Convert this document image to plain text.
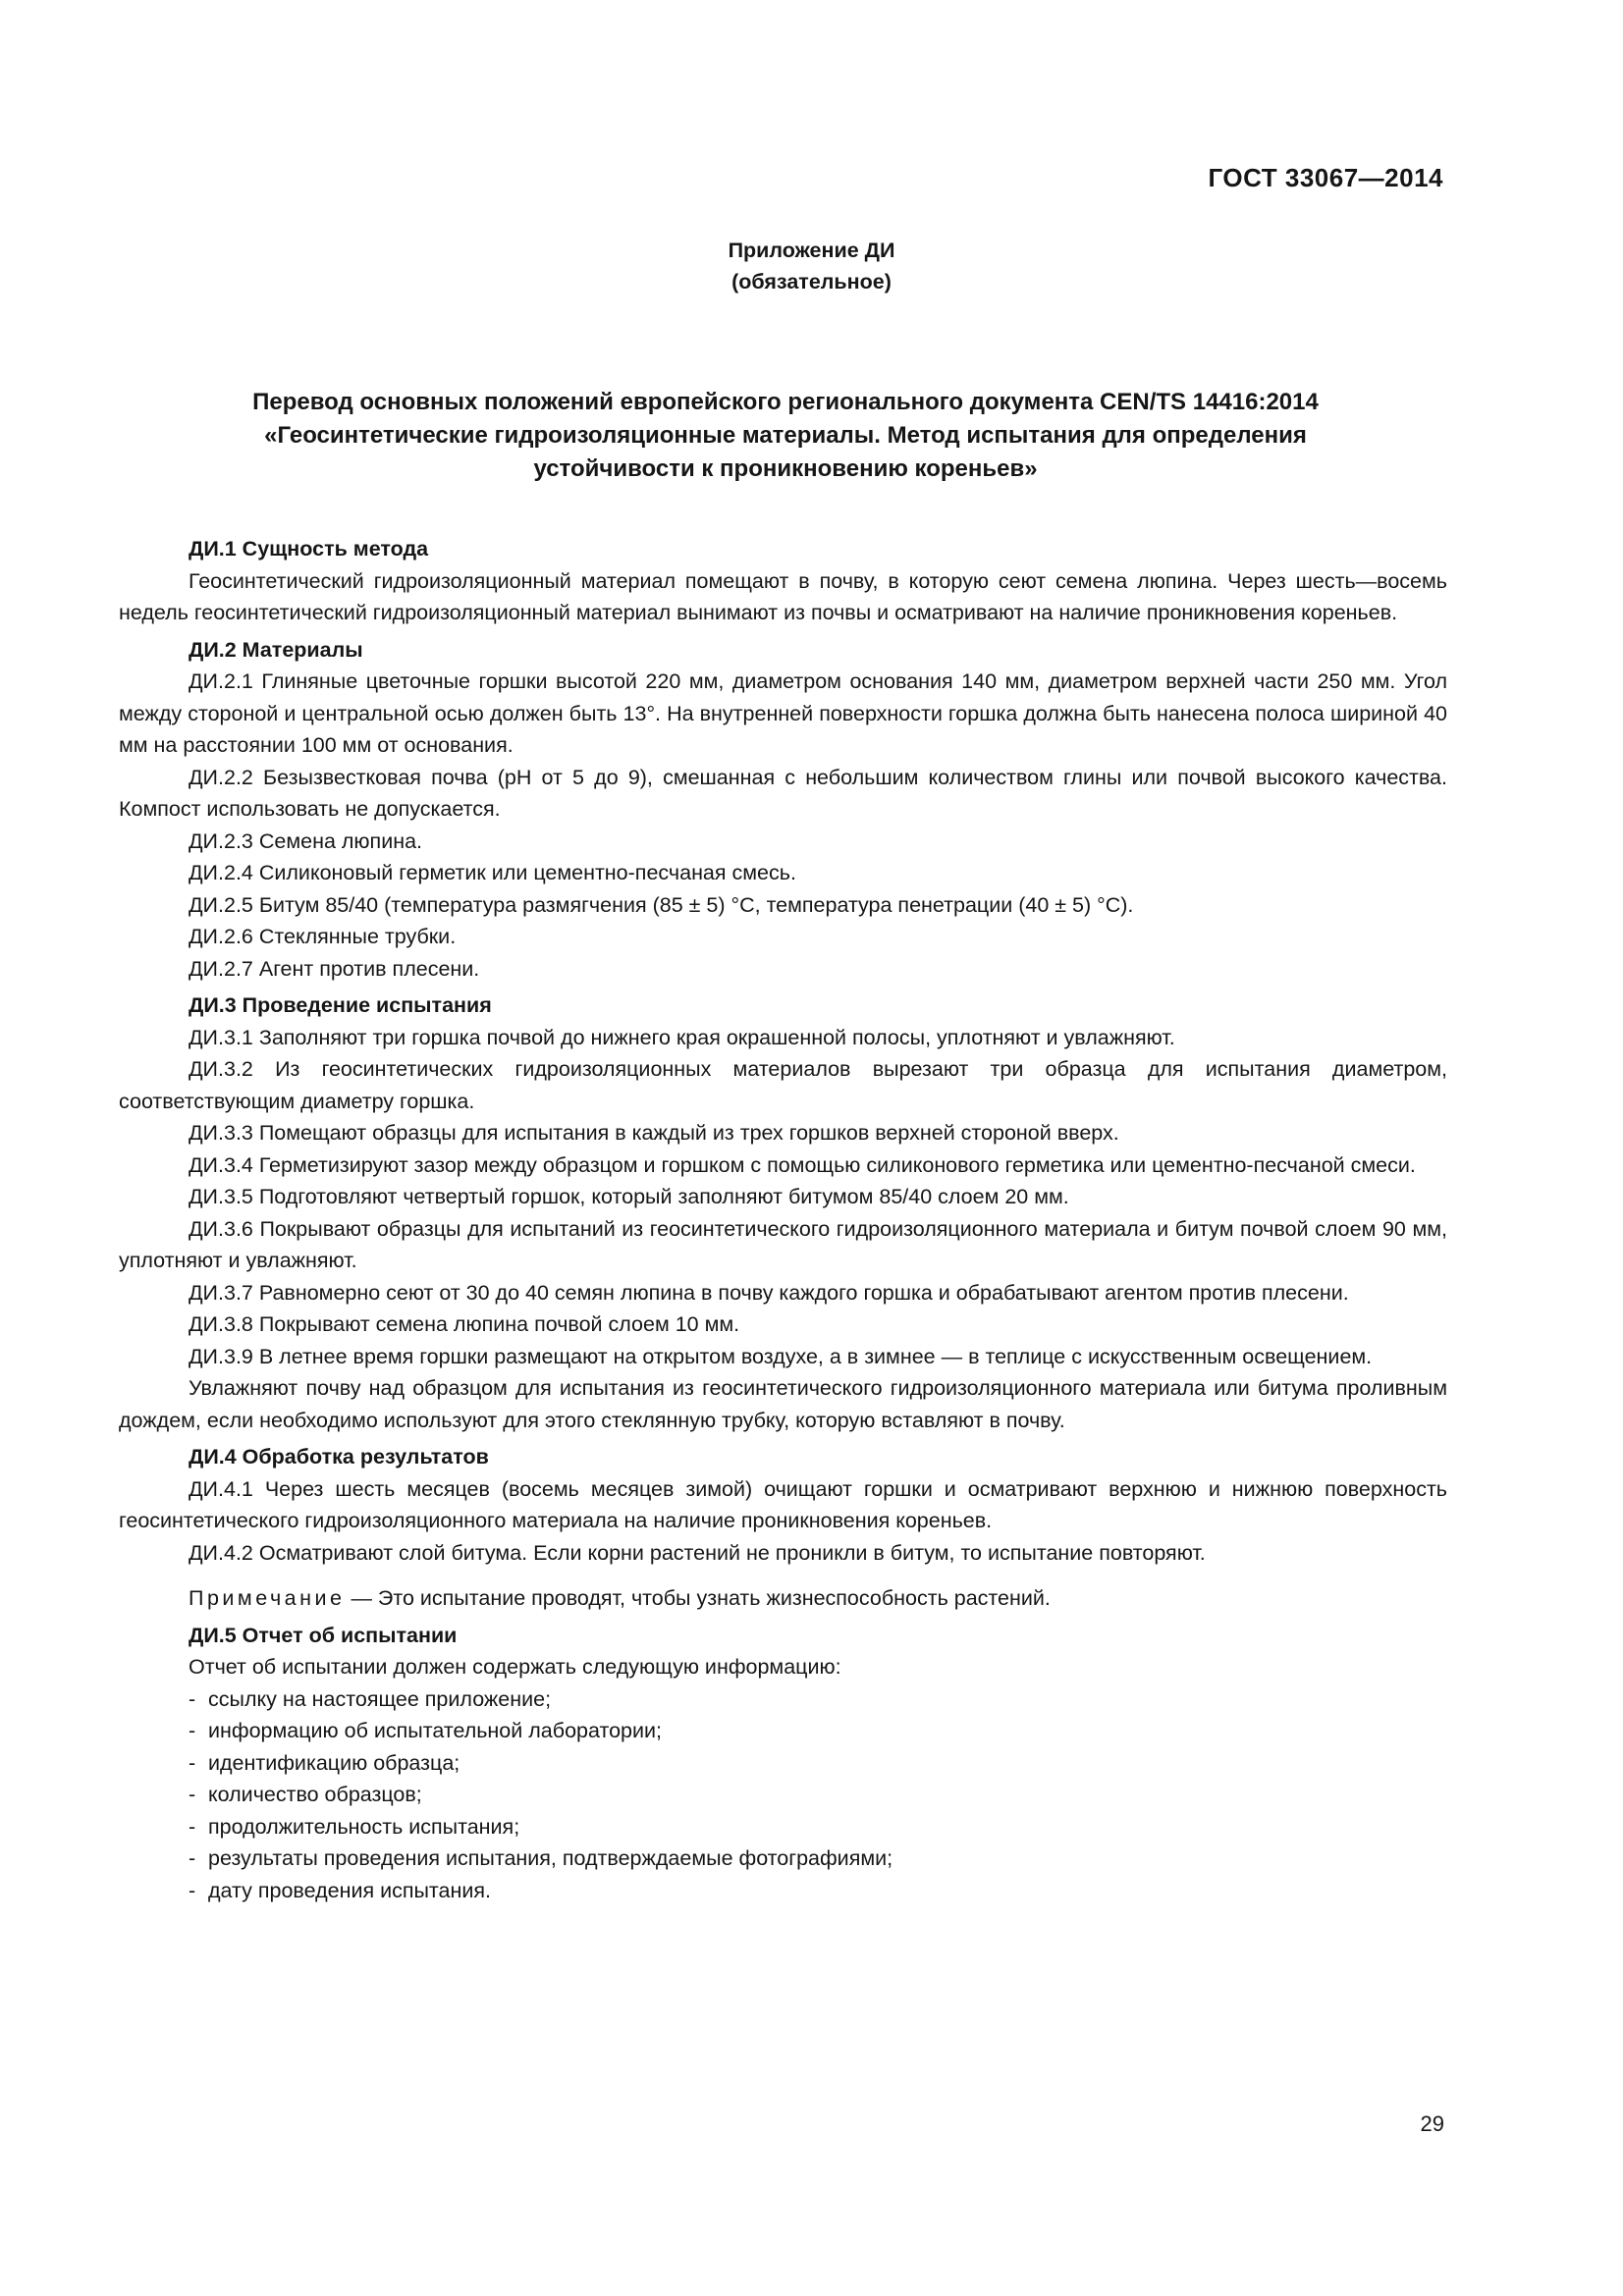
ГОСТ 33067—2014

Приложение ДИ
(обязательное)
Перевод основных положений европейского регионального документа CEN/TS 14416:2014
«Геосинтетические гидроизоляционные материалы. Метод испытания для определения
устойчивости к проникновению кореньев»

ДИ.1 Сущность метода

Геосинтетический гидроизоляционный материал помещают в почву, в которую сеют семена люпина. Через шесть—восемь недель геосинтетический гидроизоляционный материал вынимают из почвы и осматривают на наличие проникновения кореньев.

ДИ.2 Материалы

ДИ.2.1 Глиняные цветочные горшки высотой 220 мм, диаметром основания 140 мм, диаметром верхней части 250 мм. Угол между стороной и центральной осью должен быть 13°. На внутренней поверхности горшка должна быть нанесена полоса шириной 40 мм на расстоянии 100 мм от основания.

ДИ.2.2 Безызвестковая почва (рН от 5 до 9), смешанная с небольшим количеством глины или почвой высокого качества. Компост использовать не допускается.

ДИ.2.3 Семена люпина.

ДИ.2.4 Силиконовый герметик или цементно-песчаная смесь.

ДИ.2.5 Битум 85/40 (температура размягчения (85 ± 5) °С, температура пенетрации (40 ± 5) °С).

ДИ.2.6 Стеклянные трубки.

ДИ.2.7 Агент против плесени.

ДИ.3 Проведение испытания

ДИ.3.1 Заполняют три горшка почвой до нижнего края окрашенной полосы, уплотняют и увлажняют.

ДИ.3.2 Из геосинтетических гидроизоляционных материалов вырезают три образца для испытания диаметром, соответствующим диаметру горшка.

ДИ.3.3 Помещают образцы для испытания в каждый из трех горшков верхней стороной вверх.

ДИ.3.4 Герметизируют зазор между образцом и горшком с помощью силиконового герметика или цементно-песчаной смеси.

ДИ.3.5 Подготовляют четвертый горшок, который заполняют битумом 85/40 слоем 20 мм.

ДИ.3.6 Покрывают образцы для испытаний из геосинтетического гидроизоляционного материала и битум почвой слоем 90 мм, уплотняют и увлажняют.

ДИ.3.7 Равномерно сеют от 30 до 40 семян люпина в почву каждого горшка и обрабатывают агентом против плесени.

ДИ.3.8 Покрывают семена люпина почвой слоем 10 мм.

ДИ.3.9 В летнее время горшки размещают на открытом воздухе, а в зимнее — в теплице с искусственным освещением.

Увлажняют почву над образцом для испытания из геосинтетического гидроизоляционного материала или битума проливным дождем, если необходимо используют для этого стеклянную трубку, которую вставляют в почву.

ДИ.4 Обработка результатов

ДИ.4.1 Через шесть месяцев (восемь месяцев зимой) очищают горшки и осматривают верхнюю и нижнюю поверхность геосинтетического гидроизоляционного материала на наличие проникновения кореньев.

ДИ.4.2 Осматривают слой битума. Если корни растений не проникли в битум, то испытание повторяют.

Примечание — Это испытание проводят, чтобы узнать жизнеспособность растений.

ДИ.5 Отчет об испытании

Отчет об испытании должен содержать следующую информацию:

- ссылку на настоящее приложение;
- информацию об испытательной лаборатории;
- идентификацию образца;
- количество образцов;
- продолжительность испытания;
- результаты проведения испытания, подтверждаемые фотографиями;
- дату проведения испытания.
29
